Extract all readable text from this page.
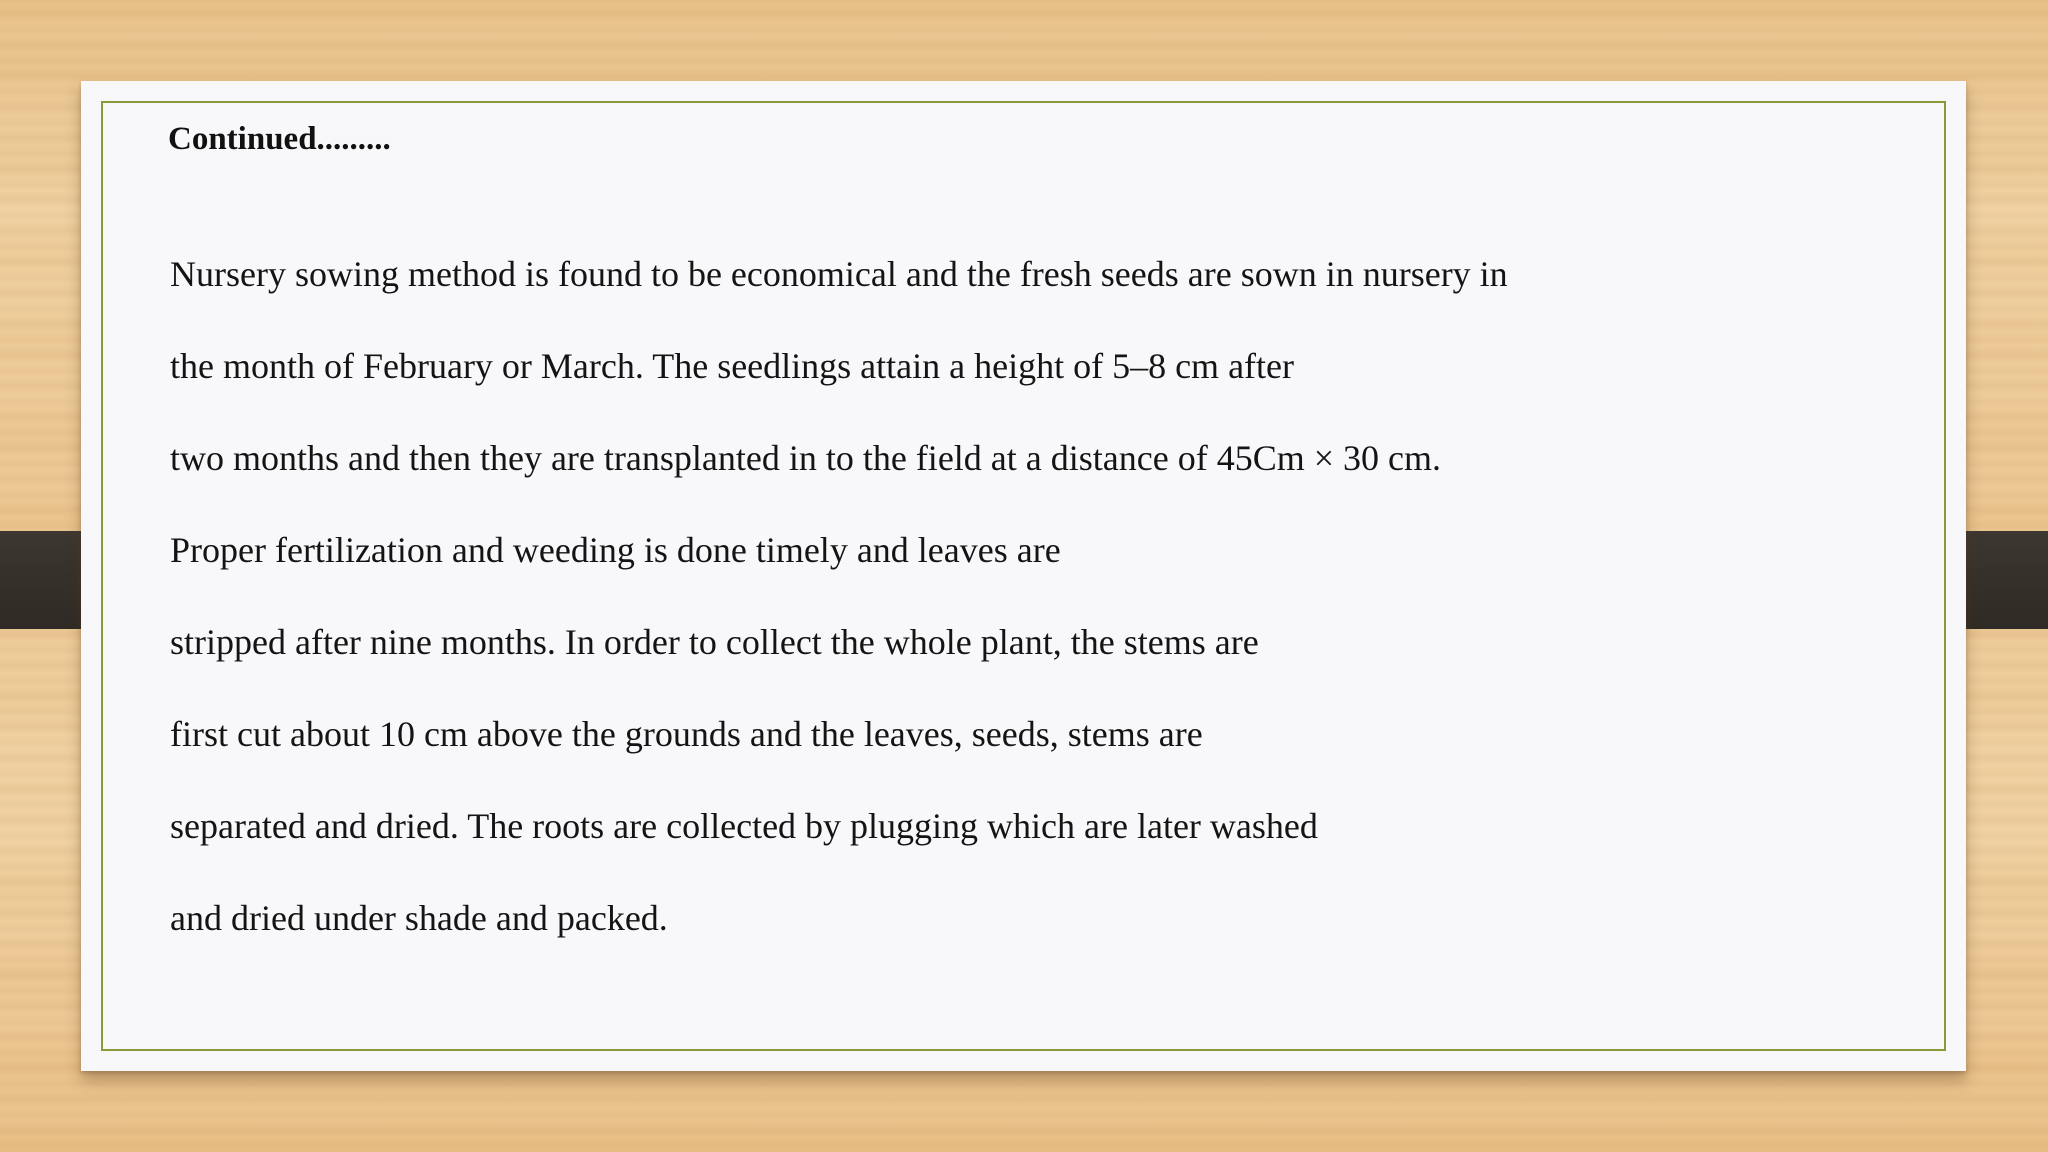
Continued.........
Nursery sowing method is found to be economical and the fresh seeds are sown in nursery in
the month of February or March. The seedlings attain a height of 5–8 cm after
two months and then they are transplanted in to the field at a distance of 45Cm × 30 cm.
Proper fertilization and weeding is done timely and leaves are
stripped after nine months. In order to collect the whole plant, the stems are
first cut about 10 cm above the grounds and the leaves, seeds, stems are
separated and dried. The roots are collected by plugging which are later washed
and dried under shade and packed.
